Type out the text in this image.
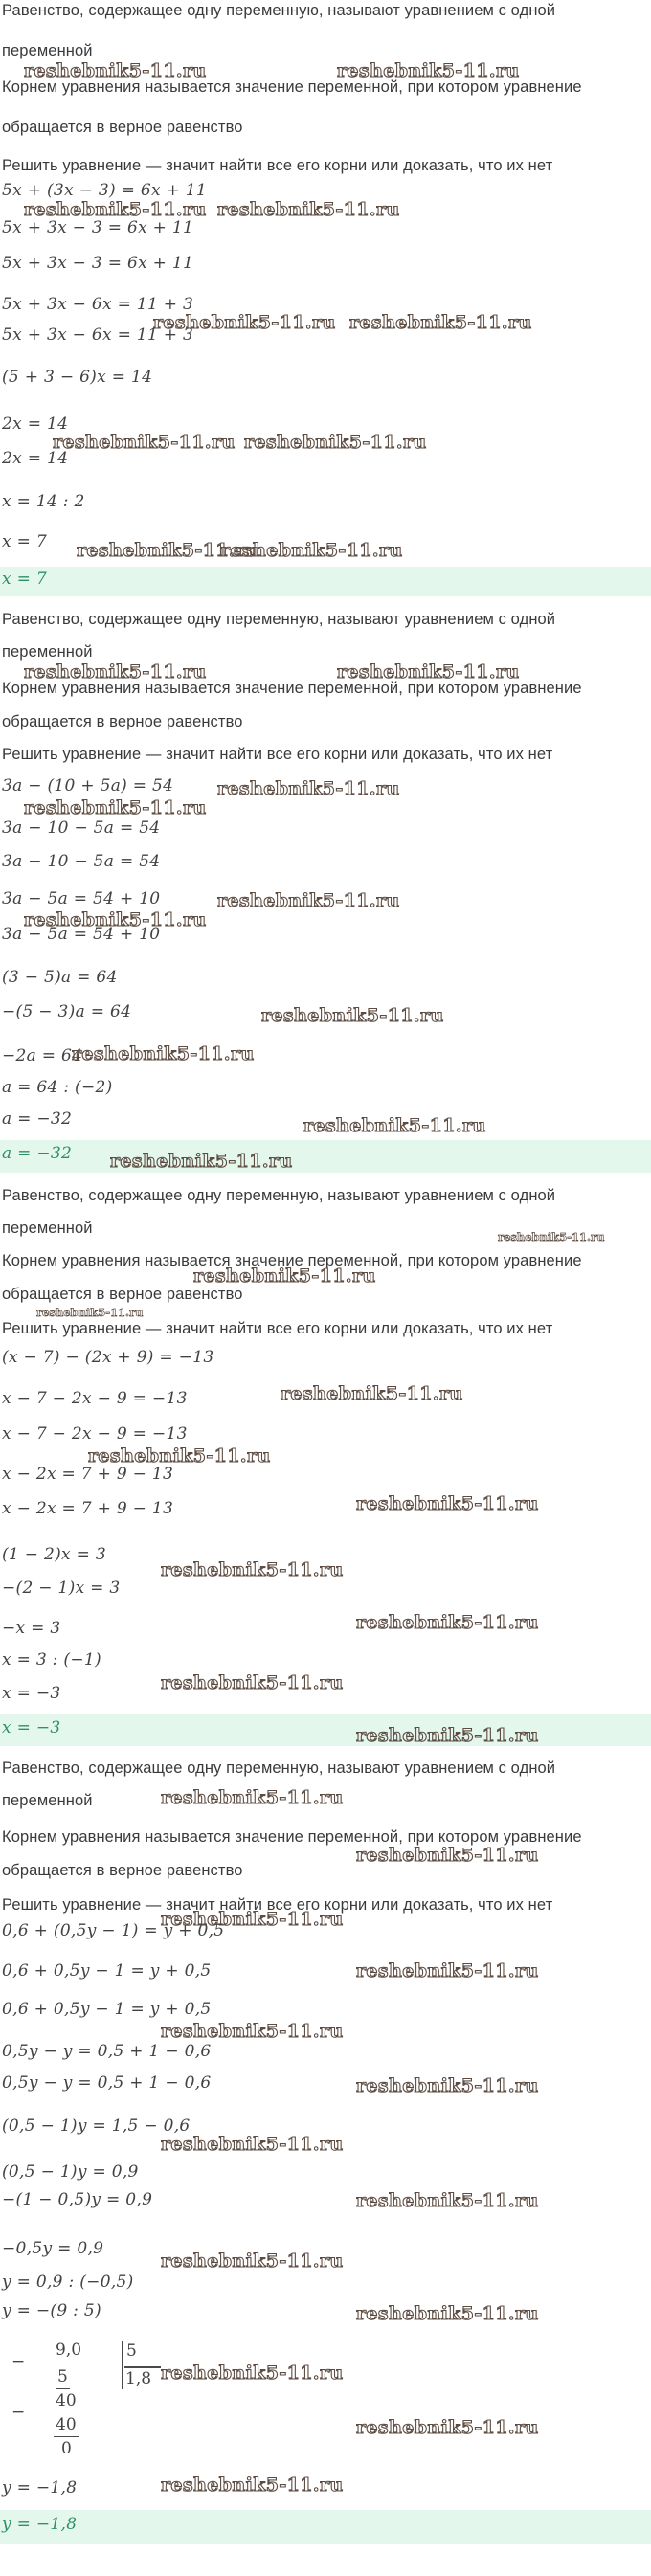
Равенство, содержащее одну переменную, называют уравнением с одной
переменной
reshebnik5-11.ru	reshebnik5-11.ru
Корнем уравнения называется значение переменной, при котором уравнение
обращается в верное равенство
Решить уравнение — значит найти все его корни или доказать, что их нет
5x + (3x − 3) = 6x + 11
reshebnik5-11.ru reshebnik5-11.ru
5x + 3x − 3 = 6x + 11
5x + 3x − 3 = 6x + 11
5x + 3x − 6x = 11 + 3
reshebnik5-11.ru reshebnik5-11.ru
5x + 3x − 6x = 11 + 3
(5 + 3 − 6)x = 14
2x = 14
reshebnik5-11.ru reshebnik5-11.ru
2x = 14
x = 14 : 2
x = 7 reshebnik5-11.ru
reshebnik5-11.ru
x = 7
Равенство, содержащее одну переменную, называют уравнением с одной
переменной
reshebnik5-11.ru	reshebnik5-11.ru
Корнем уравнения называется значение переменной, при котором уравнение
обращается в верное равенство
Решить уравнение — значит найти все его корни или доказать, что их нет
3a − (10 + 5a) = 54 reshebnik5-11.ru
reshebnik5-11.ru
3a − 10 − 5a = 54
3a − 10 − 5a = 54
3a − 5a = 54 + 10	reshebnik5-11.ru
reshebnik5-11.ru
3a − 5a = 54 + 10
(3 − 5)a = 64
−(5 − 3)a = 64	reshebnik5-11.ru
−2a = 64
reshebnik5-11.ru
a = 64 : (−2)
a = −32	reshebnik5-11.ru
a = −32 reshebnik5-11.ru
Равенство, содержащее одну переменную, называют уравнением с одной
переменной	reshebnik5-11.ru
Корнем уравнения называется значение переменной, при котором уравнение
reshebnik5-11.ru
обращается в верное равенство
reshebnik5-11.ru
Решить уравнение — значит найти все его корни или доказать, что их нет
(x − 7) − (2x + 9) = −13
x − 7 − 2x − 9 = −13	reshebnik5-11.ru
x − 7 − 2x − 9 = −13
reshebnik5-11.ru
x − 2x = 7 + 9 − 13
x − 2x = 7 + 9 − 13	reshebnik5-11.ru
(1 − 2)x = 3
reshebnik5-11.ru
−(2 − 1)x = 3
−x = 3	reshebnik5-11.ru
x = 3 : (−1)
x = −3	reshebnik5-11.ru
x = −3	reshebnik5-11.ru
Равенство, содержащее одну переменную, называют уравнением с одной
переменной	reshebnik5-11.ru
Корнем уравнения называется значение переменной, при котором уравнение
reshebnik5-11.ru
обращается в верное равенство
Решить уравнение — значит найти все его корни или доказать, что их нет
reshebnik5-11.ru
0,6 + (0,5y − 1) = y + 0,5
0,6 + 0,5y − 1 = y + 0,5	reshebnik5-11.ru
0,6 + 0,5y − 1 = y + 0,5
reshebnik5-11.ru
0,5y − y = 0,5 + 1 − 0,6
0,5y − y = 0,5 + 1 − 0,6	reshebnik5-11.ru
(0,5 − 1)y = 1,5 − 0,6
reshebnik5-11.ru
(0,5 − 1)y = 0,9
−(1 − 0,5)y = 0,9	reshebnik5-11.ru
−0,5y = 0,9
reshebnik5-11.ru
y = 0,9 : (−0,5)
y = −(9 : 5)	reshebnik5-11.ru
9,0
−
5
5
1,8 reshebnik5-11.ru
40
−
40	reshebnik5-11.ru
0
y = −1,8	reshebnik5-11.ru
y = −1,8
